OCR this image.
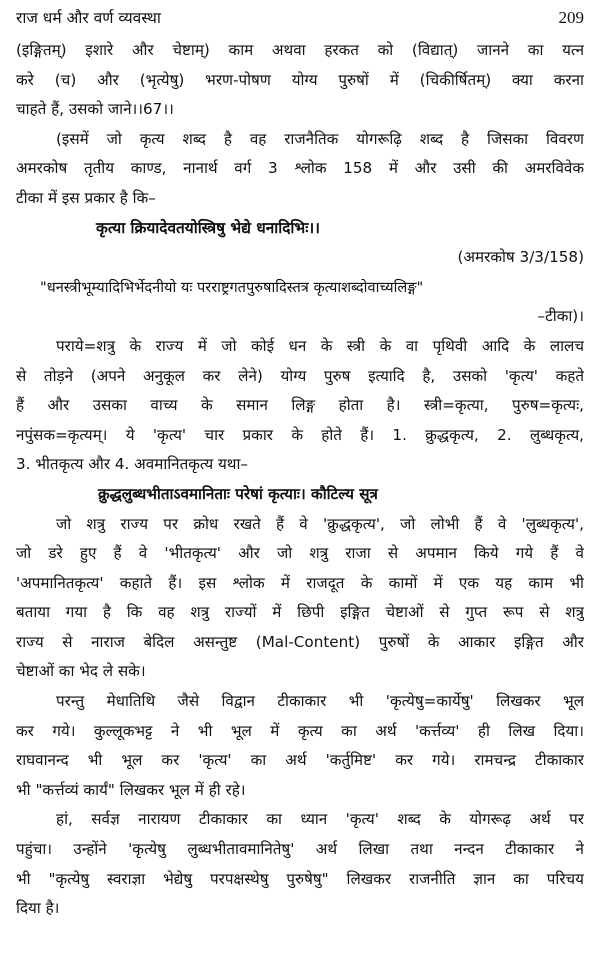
राज धर्म और वर्ण व्यवस्था	209
(इङ्गितम्) इशारे और चेष्टाम्) काम अथवा हरकत को (विद्यात्) जानने का यत्न
करे (च) और (भृत्येषु) भरण-पोषण योग्य पुरुषों में (चिकीर्षितम्) क्या करना
चाहते हैं, उसको जाने।।67।।
(इसमें जो कृत्य शब्द है वह राजनैतिक योगरूढ़ि शब्द है जिसका विवरण
अमरकोष तृतीय काण्ड, नानार्थ वर्ग 3 श्लोक 158 में और उसी की अमरविवेक
टीका में इस प्रकार है कि–
कृत्या क्रियादेवतयोस्त्रिषु भेद्ये धनादिभिः।।
(अमरकोष 3/3/158)
"धनस्त्रीभूम्यादिभिर्भेदनीयो यः परराष्ट्रगतपुरुषादिस्तत्र कृत्याशब्दोवाच्यलिङ्ग"
–टीका)।
पराये=शत्रु के राज्य में जो कोई धन के स्त्री के वा पृथिवी आदि के लालच
से तोड़ने (अपने अनुकूल कर लेने) योग्य पुरुष इत्यादि है, उसको 'कृत्य' कहते
हैं और उसका वाच्य के समान लिङ्ग होता है। स्त्री=कृत्या, पुरुष=कृत्यः,
नपुंसक=कृत्यम्। ये 'कृत्य' चार प्रकार के होते हैं। 1. क्रुद्धकृत्य, 2. लुब्धकृत्य,
3. भीतकृत्य और 4. अवमानितकृत्य यथा–
क्रुद्धलुब्धभीताऽवमानिताः परेषां कृत्याः। कौटिल्य सूत्र
जो शत्रु राज्य पर क्रोध रखते हैं वे 'क्रुद्धकृत्य', जो लोभी हैं वे 'लुब्धकृत्य',
जो डरे हुए हैं वे 'भीतकृत्य' और जो शत्रु राजा से अपमान किये गये हैं वे
'अपमानितकृत्य' कहाते हैं। इस श्लोक में राजदूत के कामों में एक यह काम भी
बताया गया है कि वह शत्रु राज्यों में छिपी इङ्गित चेष्टाओं से गुप्त रूप से शत्रु
राज्य से नाराज बेदिल असन्तुष्ट (Mal-Content) पुरुषों के आकार इङ्गित और
चेष्टाओं का भेद ले सके।
परन्तु मेधातिथि जैसे विद्वान टीकाकार भी 'कृत्येषु=कार्येषु' लिखकर भूल
कर गये। कुल्लूकभट्ट ने भी भूल में कृत्य का अर्थ 'कर्त्तव्य' ही लिख दिया।
राघवानन्द भी भूल कर 'कृत्य' का अर्थ 'कर्तुमिष्ट' कर गये। रामचन्द्र टीकाकार
भी "कर्त्तव्यं कार्यं" लिखकर भूल में ही रहे।
हां, सर्वज्ञ नारायण टीकाकार का ध्यान 'कृत्य' शब्द के योगरूढ़ अर्थ पर
पहुंचा। उन्होंने 'कृत्येषु लुब्धभीतावमानितेषु' अर्थ लिखा तथा नन्दन टीकाकार ने
भी "कृत्येषु स्वराज्ञा भेद्येषु परपक्षस्थेषु पुरुषेषु" लिखकर राजनीति ज्ञान का परिचय
दिया है।
